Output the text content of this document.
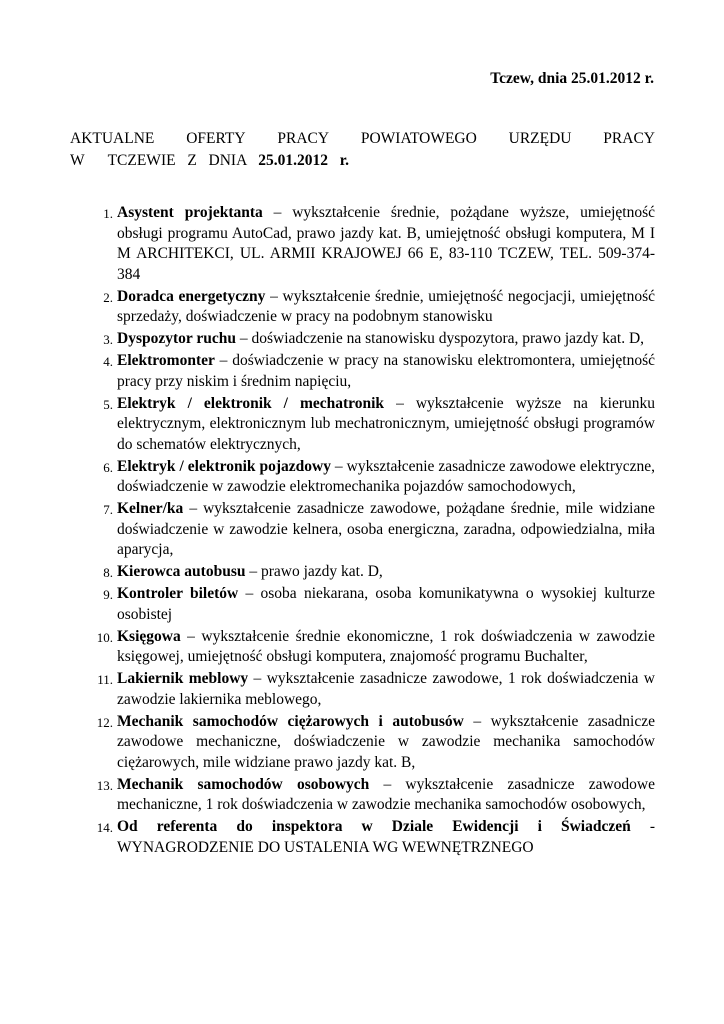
Tczew, dnia 25.01.2012 r.
AKTUALNE OFERTY PRACY POWIATOWEGO URZĘDU PRACY
W    TCZEWIE  Z  DNIA  25.01.2012  r.
1. Asystent projektanta – wykształcenie średnie, pożądane wyższe, umiejętność obsługi programu AutoCad, prawo jazdy kat. B, umiejętność obsługi komputera, M I M ARCHITEKCI, UL. ARMII KRAJOWEJ 66 E, 83-110 TCZEW, TEL. 509-374-384
2. Doradca energetyczny – wykształcenie średnie, umiejętność negocjacji, umiejętność sprzedaży, doświadczenie w pracy na podobnym stanowisku
3. Dyspozytor ruchu – doświadczenie na stanowisku dyspozytora, prawo jazdy kat. D,
4. Elektromonter – doświadczenie w pracy na stanowisku elektromontera, umiejętność pracy przy niskim i średnim napięciu,
5. Elektryk / elektronik / mechatronik – wykształcenie wyższe na kierunku elektrycznym, elektronicznym lub mechatronicznym, umiejętność obsługi programów do schematów elektrycznych,
6. Elektryk / elektronik pojazdowy – wykształcenie zasadnicze zawodowe elektryczne, doświadczenie w zawodzie elektromechanika pojazdów samochodowych,
7. Kelner/ka – wykształcenie zasadnicze zawodowe, pożądane średnie, mile widziane doświadczenie w zawodzie kelnera, osoba energiczna, zaradna, odpowiedzialna, miła aparycja,
8. Kierowca autobusu – prawo jazdy kat. D,
9. Kontroler biletów – osoba niekarana, osoba komunikatywna o wysokiej kulturze osobistej
10. Księgowa – wykształcenie średnie ekonomiczne, 1 rok doświadczenia w zawodzie księgowej, umiejętność obsługi komputera, znajomość programu Buchalter,
11. Lakiernik meblowy – wykształcenie zasadnicze zawodowe, 1 rok doświadczenia w zawodzie lakiernika meblowego,
12. Mechanik samochodów ciężarowych i autobusów – wykształcenie zasadnicze zawodowe mechaniczne, doświadczenie w zawodzie mechanika samochodów ciężarowych, mile widziane prawo jazdy kat. B,
13. Mechanik samochodów osobowych – wykształcenie zasadnicze zawodowe mechaniczne, 1 rok doświadczenia w zawodzie mechanika samochodów osobowych,
14. Od referenta do inspektora w Dziale Ewidencji i Świadczeń - WYNAGRODZENIE DO USTALENIA WG WEWNĘTRZNEGO
